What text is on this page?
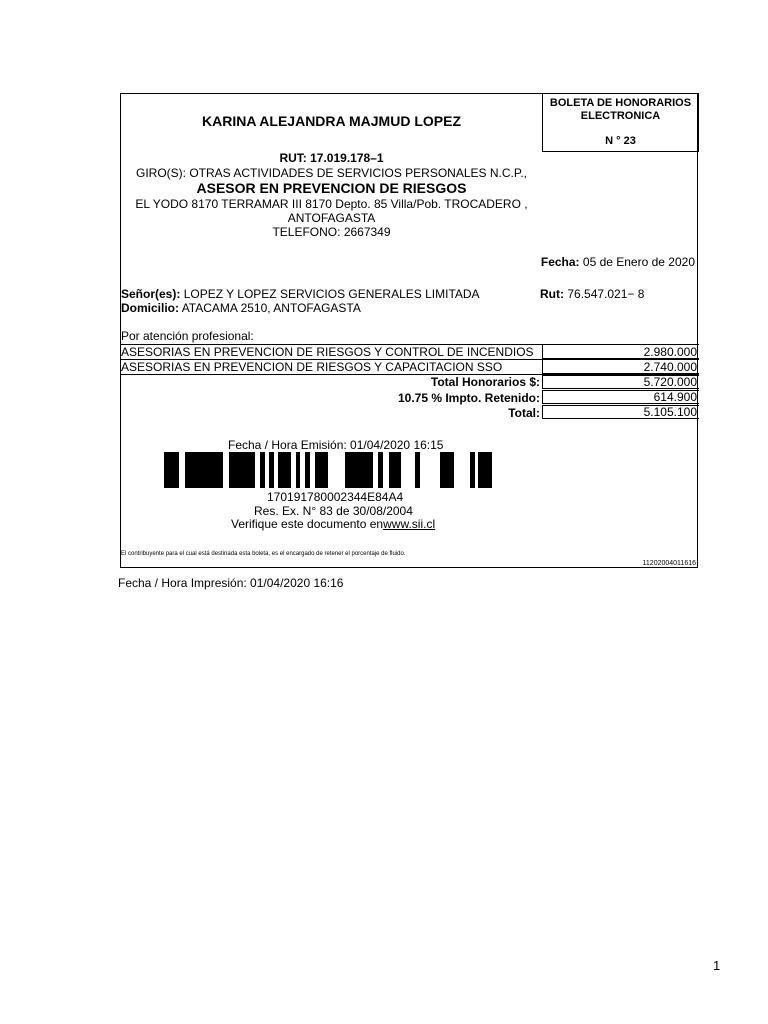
BOLETA DE HONORARIOS
ELECTRONICA
N ° 23
KARINA ALEJANDRA MAJMUD LOPEZ
RUT: 17.019.178–1
GIRO(S): OTRAS ACTIVIDADES DE SERVICIOS PERSONALES N.C.P.,
ASESOR EN PREVENCION DE RIESGOS
EL YODO 8170 TERRAMAR III 8170 Depto. 85 Villa/Pob. TROCADERO ,
ANTOFAGASTA
TELEFONO: 2667349
Fecha: 05 de Enero de 2020
Señor(es): LOPEZ Y LOPEZ SERVICIOS GENERALES LIMITADA	Rut: 76.547.021− 8
Domicilio: ATACAMA 2510, ANTOFAGASTA
Por atención profesional:
ASESORIAS EN PREVENCION DE RIESGOS Y CONTROL DE INCENDIOS	2.980.000
ASESORIAS EN PREVENCION DE RIESGOS Y CAPACITACION SSO	2.740.000
Total Honorarios $:	5.720.000
10.75 % Impto. Retenido:	614.900
Total:	5.105.100
Fecha / Hora Emisión: 01/04/2020 16:15
170191780002344E84A4
Res. Ex. N° 83 de 30/08/2004
Verifique este documento enwww.sii.cl
El contribuyente para el cual está destinada esta boleta, es el encargado de retener el porcentaje de fluido.
11202004011616
Fecha / Hora Impresión: 01/04/2020 16:16
1
